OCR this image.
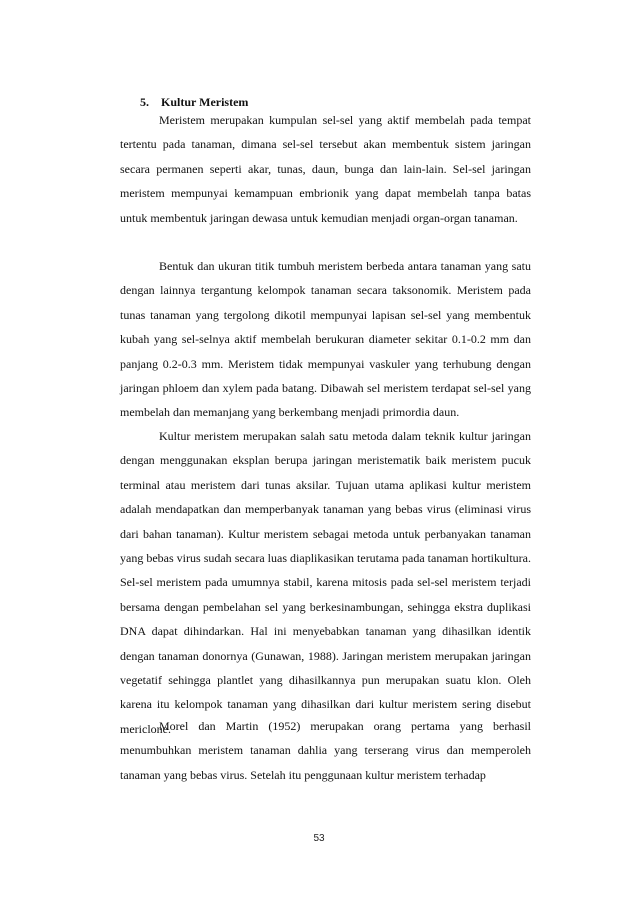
5. Kultur Meristem

Meristem merupakan kumpulan sel-sel yang aktif membelah pada tempat tertentu pada tanaman, dimana sel-sel tersebut akan membentuk sistem jaringan secara permanen seperti akar, tunas, daun, bunga dan lain-lain. Sel-sel jaringan meristem mempunyai kemampuan embrionik yang dapat membelah tanpa batas untuk membentuk jaringan dewasa untuk kemudian menjadi organ-organ tanaman.

Bentuk dan ukuran titik tumbuh meristem berbeda antara tanaman yang satu dengan lainnya tergantung kelompok tanaman secara taksonomik. Meristem pada tunas tanaman yang tergolong dikotil mempunyai lapisan sel-sel yang membentuk kubah yang sel-selnya aktif membelah berukuran diameter sekitar 0.1-0.2 mm dan panjang 0.2-0.3 mm. Meristem tidak mempunyai vaskuler yang terhubung dengan jaringan phloem dan xylem pada batang. Dibawah sel meristem terdapat sel-sel yang membelah dan memanjang yang berkembang menjadi primordia daun.

Kultur meristem merupakan salah satu metoda dalam teknik kultur jaringan dengan menggunakan eksplan berupa jaringan meristematik baik meristem pucuk terminal atau meristem dari tunas aksilar. Tujuan utama aplikasi kultur meristem adalah mendapatkan dan memperbanyak tanaman yang bebas virus (eliminasi virus dari bahan tanaman). Kultur meristem sebagai metoda untuk perbanyakan tanaman yang bebas virus sudah secara luas diaplikasikan terutama pada tanaman hortikultura. Sel-sel meristem pada umumnya stabil, karena mitosis pada sel-sel meristem terjadi bersama dengan pembelahan sel yang berkesinambungan, sehingga ekstra duplikasi DNA dapat dihindarkan. Hal ini menyebabkan tanaman yang dihasilkan identik dengan tanaman donornya (Gunawan, 1988). Jaringan meristem merupakan jaringan vegetatif sehingga plantlet yang dihasilkannya pun merupakan suatu klon. Oleh karena itu kelompok tanaman yang dihasilkan dari kultur meristem sering disebut mericlone.

Morel dan Martin (1952) merupakan orang pertama yang berhasil menumbuhkan meristem tanaman dahlia yang terserang virus dan memperoleh tanaman yang bebas virus. Setelah itu penggunaan kultur meristem terhadap

53
